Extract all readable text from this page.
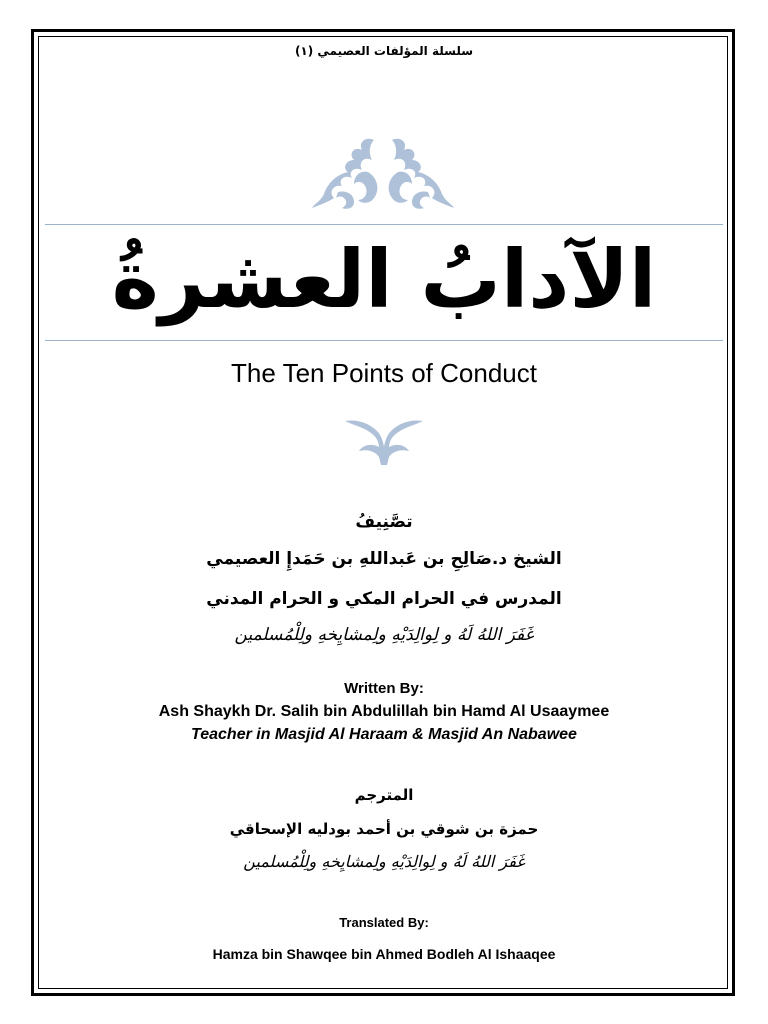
سلسلة المؤلفات العصيمي (١)
الآدابُ العشرةُ
The Ten Points of Conduct
تصَّنِيفُ
الشيخ د.صَالِحِ بن عَبداللهِ بن حَمَدإِ العصيمي
المدرس في الحرام المكي و الحرام المدني
غَفَرَ اللهُ لَهُ و لِوالِدَيْهِ ولِمشايِخهِ ولِلْمُسلمين
Written By:
Ash Shaykh Dr. Salih bin Abdulillah bin Hamd Al Usaaymee
Teacher in Masjid Al Haraam & Masjid An Nabawee
المترجم
حمزة بن شوقي بن أحمد بودليه الإسحاقي
غَفَرَ اللهُ لَهُ و لِوالِدَيْهِ ولِمشايِخهِ ولِلْمُسلمين
Translated By:
Hamza bin Shawqee bin Ahmed Bodleh Al Ishaaqee
